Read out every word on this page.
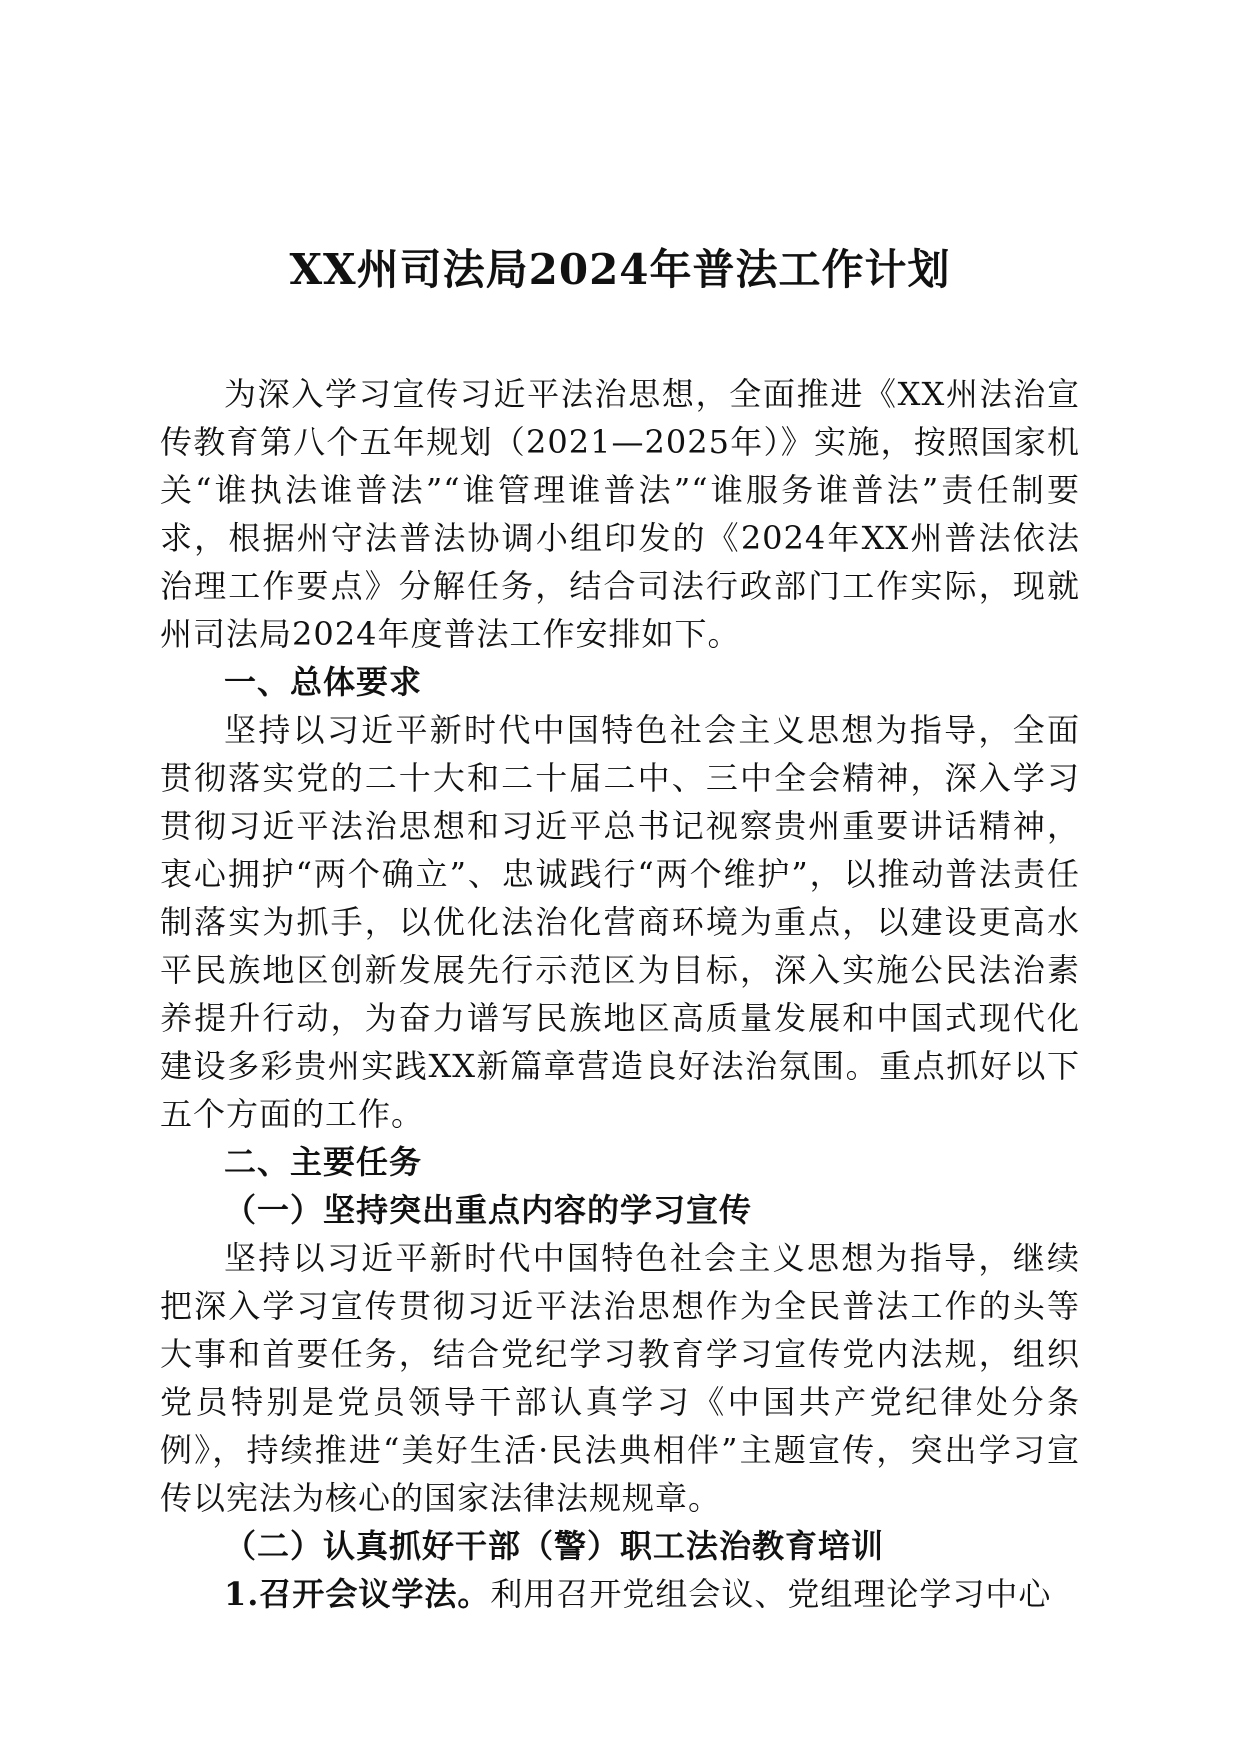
XX州司法局2024年普法工作计划

为深入学习宣传习近平法治思想，全面推进《XX州法治宣传教育第八个五年规划（2021—2025年）》实施，按照国家机关“谁执法谁普法”“谁管理谁普法”“谁服务谁普法”责任制要求，根据州守法普法协调小组印发的《2024年XX州普法依法治理工作要点》分解任务，结合司法行政部门工作实际，现就州司法局2024年度普法工作安排如下。

一、总体要求

坚持以习近平新时代中国特色社会主义思想为指导，全面贯彻落实党的二十大和二十届二中、三中全会精神，深入学习贯彻习近平法治思想和习近平总书记视察贵州重要讲话精神，衷心拥护“两个确立”、忠诚践行“两个维护”，以推动普法责任制落实为抓手，以优化法治化营商环境为重点，以建设更高水平民族地区创新发展先行示范区为目标，深入实施公民法治素养提升行动，为奋力谱写民族地区高质量发展和中国式现代化建设多彩贵州实践XX新篇章营造良好法治氛围。重点抓好以下五个方面的工作。

二、主要任务

（一）坚持突出重点内容的学习宣传

坚持以习近平新时代中国特色社会主义思想为指导，继续把深入学习宣传贯彻习近平法治思想作为全民普法工作的头等大事和首要任务，结合党纪学习教育学习宣传党内法规，组织党员特别是党员领导干部认真学习《中国共产党纪律处分条例》，持续推进“美好生活·民法典相伴”主题宣传，突出学习宣传以宪法为核心的国家法律法规规章。

（二）认真抓好干部（警）职工法治教育培训

1.召开会议学法。利用召开党组会议、党组理论学习中心
